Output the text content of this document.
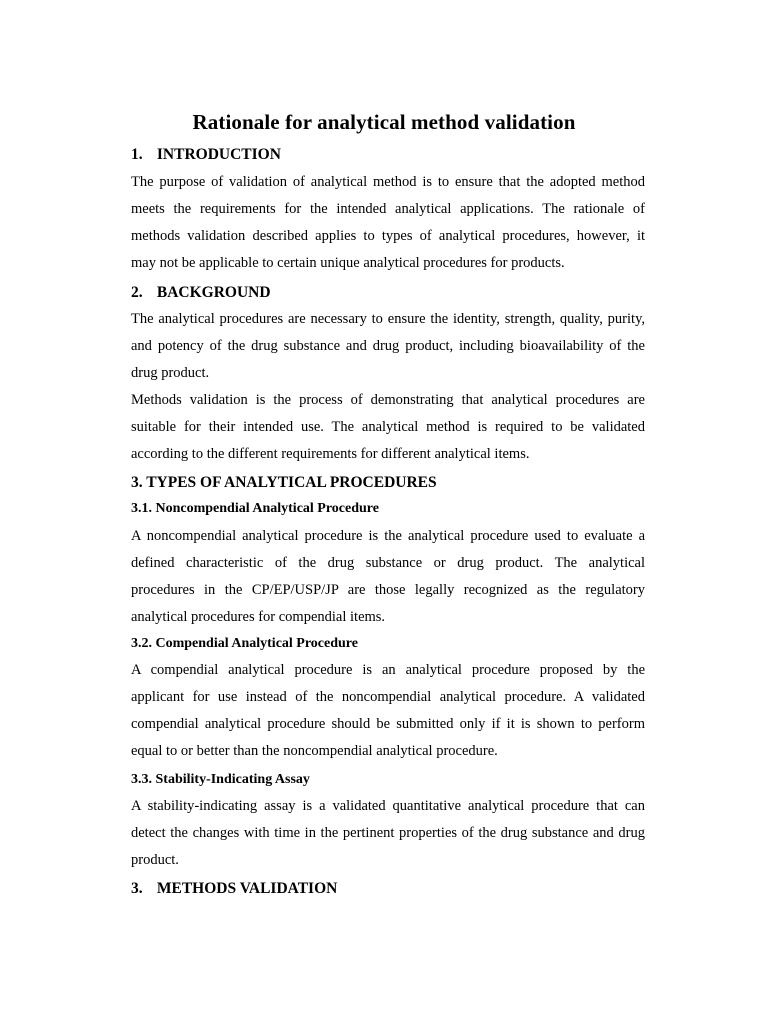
Rationale for analytical method validation
1. INTRODUCTION
The purpose of validation of analytical method is to ensure that the adopted method
meets the requirements for the intended analytical applications. The rationale of
methods validation described applies to types of analytical procedures, however, it
may not be applicable to certain unique analytical procedures for products.
2. BACKGROUND
The analytical procedures are necessary to ensure the identity, strength, quality, purity,
and potency of the drug substance and drug product, including bioavailability of the
drug product.
Methods validation is the process of demonstrating that analytical procedures are
suitable for their intended use. The analytical method is required to be validated
according to the different requirements for different analytical items.
3. TYPES OF ANALYTICAL PROCEDURES
3.1. Noncompendial Analytical Procedure
A noncompendial analytical procedure is the analytical procedure used to evaluate a
defined characteristic of the drug substance or drug product. The analytical
procedures in the CP/EP/USP/JP are those legally recognized as the regulatory
analytical procedures for compendial items.
3.2. Compendial Analytical Procedure
A compendial analytical procedure is an analytical procedure proposed by the
applicant for use instead of the noncompendial analytical procedure. A validated
compendial analytical procedure should be submitted only if it is shown to perform
equal to or better than the noncompendial analytical procedure.
3.3. Stability-Indicating Assay
A stability-indicating assay is a validated quantitative analytical procedure that can
detect the changes with time in the pertinent properties of the drug substance and drug
product.
3. METHODS VALIDATION
